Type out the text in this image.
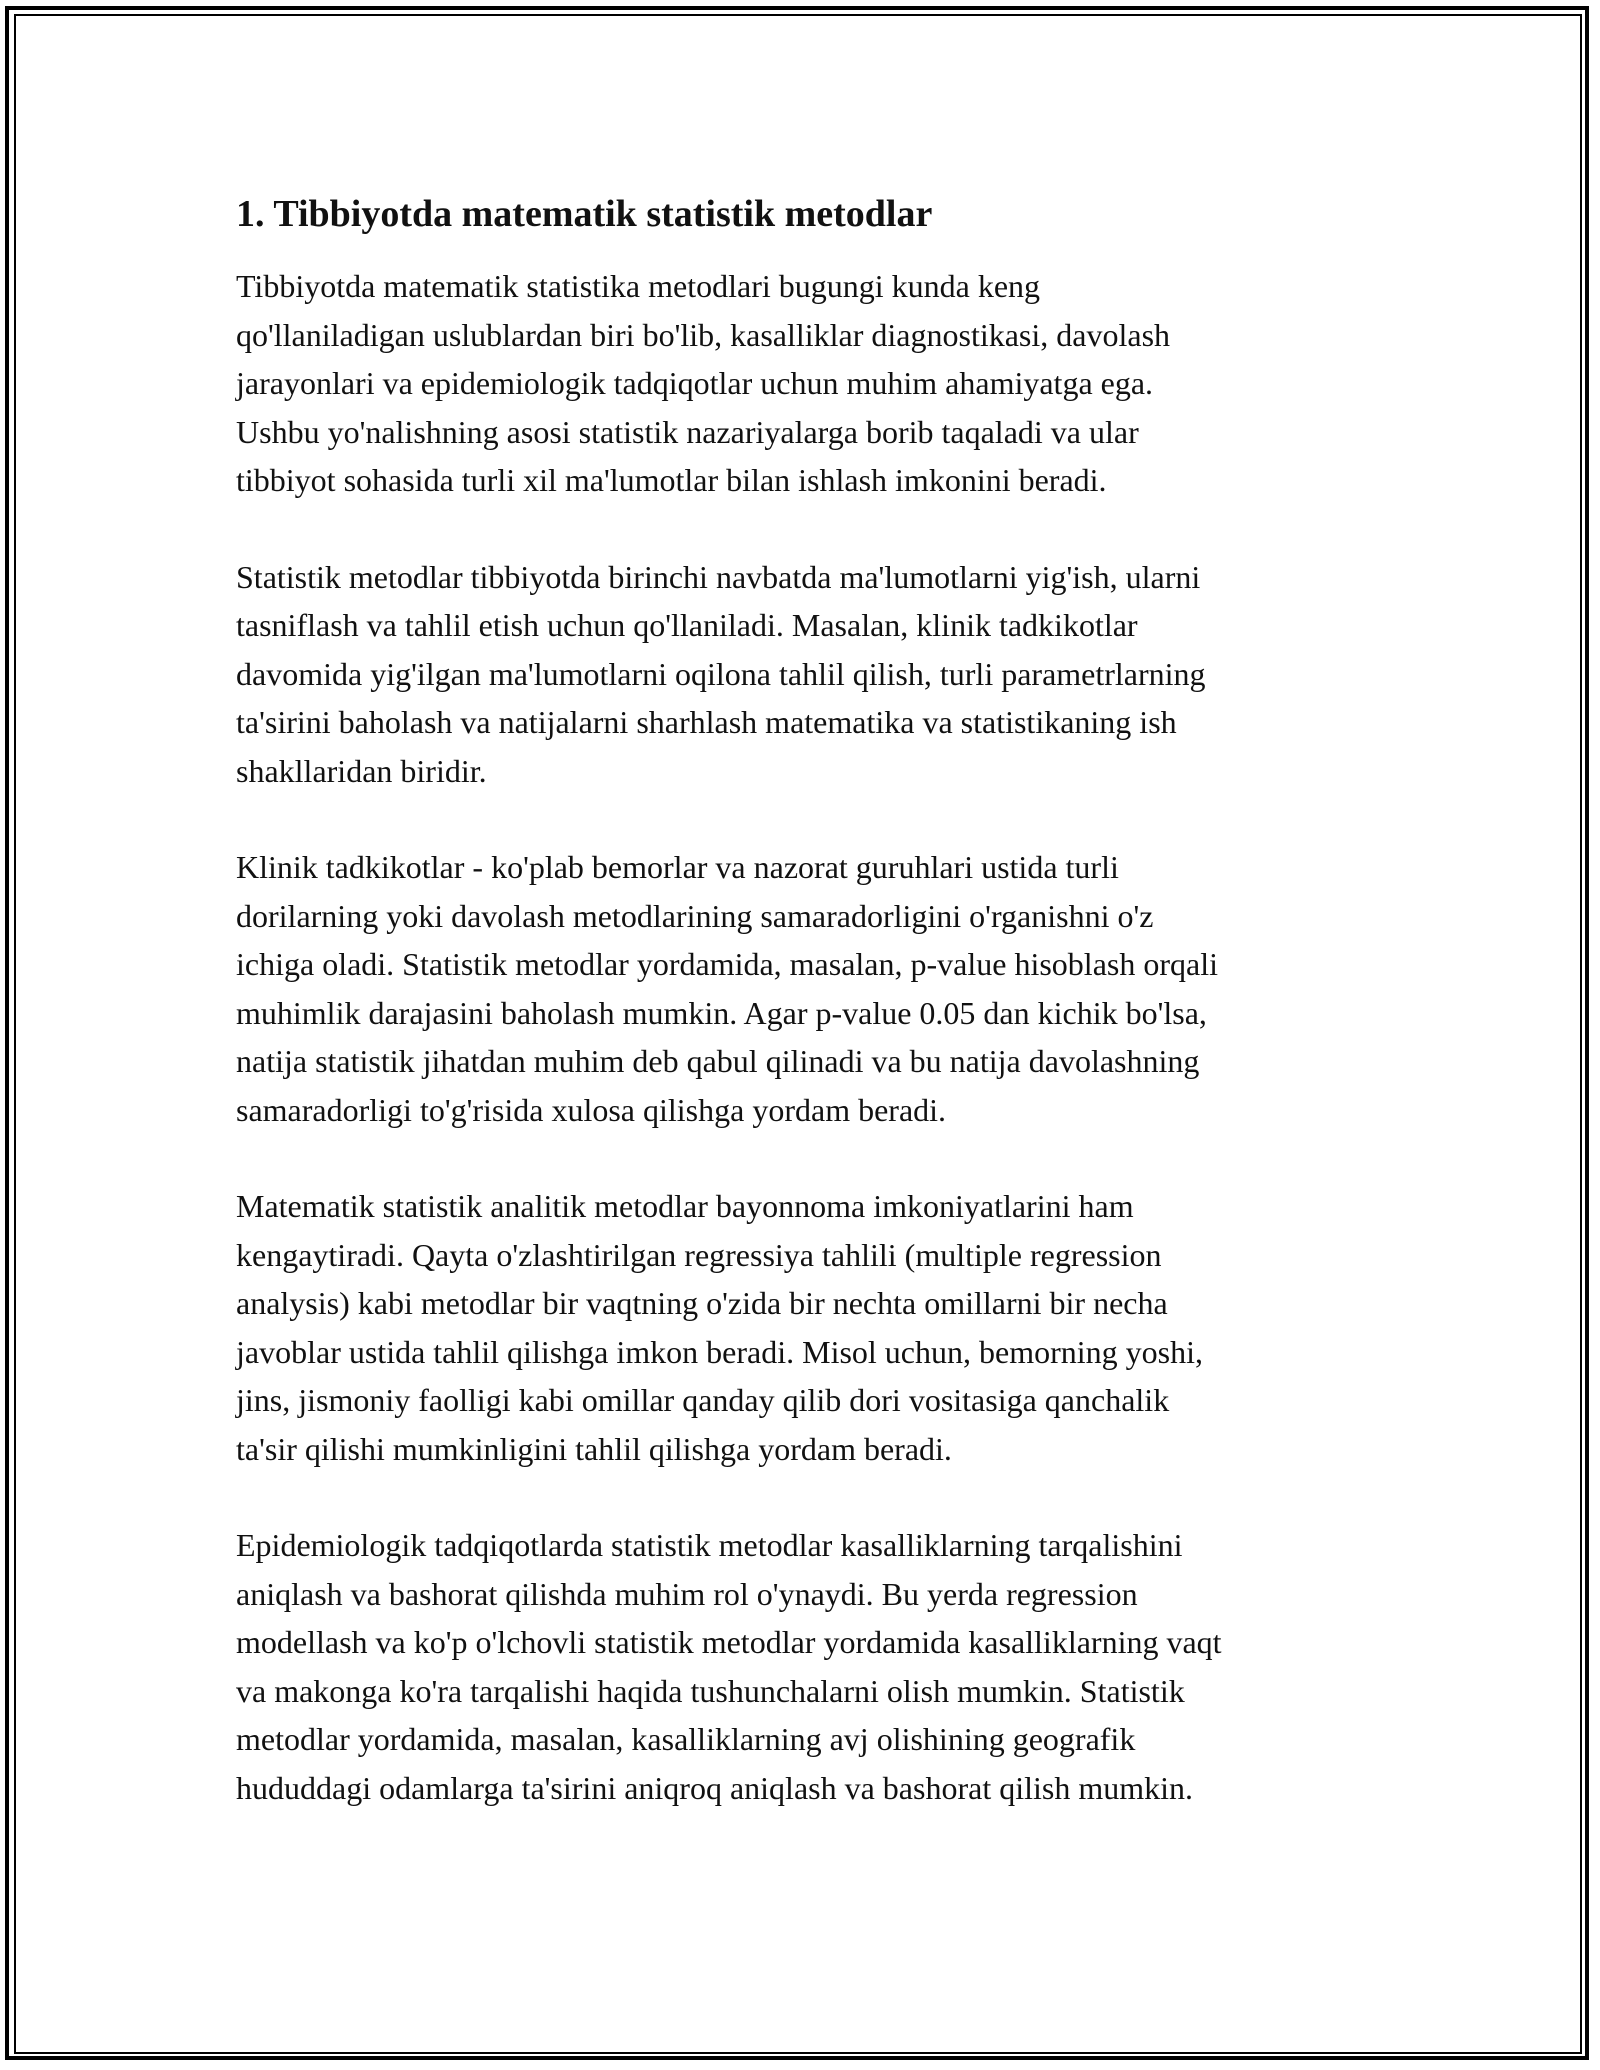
1. Tibbiyotda matematik statistik metodlar

Tibbiyotda matematik statistika metodlari bugungi kunda keng
qo'llaniladigan uslublardan biri bo'lib, kasalliklar diagnostikasi, davolash
jarayonlari va epidemiologik tadqiqotlar uchun muhim ahamiyatga ega.
Ushbu yo'nalishning asosi statistik nazariyalarga borib taqaladi va ular
tibbiyot sohasida turli xil ma'lumotlar bilan ishlash imkonini beradi.

Statistik metodlar tibbiyotda birinchi navbatda ma'lumotlarni yig'ish, ularni
tasniflash va tahlil etish uchun qo'llaniladi. Masalan, klinik tadkikotlar
davomida yig'ilgan ma'lumotlarni oqilona tahlil qilish, turli parametrlarning
ta'sirini baholash va natijalarni sharhlash matematika va statistikaning ish
shakllaridan biridir.

Klinik tadkikotlar - ko'plab bemorlar va nazorat guruhlari ustida turli
dorilarning yoki davolash metodlarining samaradorligini o'rganishni o'z
ichiga oladi. Statistik metodlar yordamida, masalan, p-value hisoblash orqali
muhimlik darajasini baholash mumkin. Agar p-value 0.05 dan kichik bo'lsa,
natija statistik jihatdan muhim deb qabul qilinadi va bu natija davolashning
samaradorligi to'g'risida xulosa qilishga yordam beradi.

Matematik statistik analitik metodlar bayonnoma imkoniyatlarini ham
kengaytiradi. Qayta o'zlashtirilgan regressiya tahlili (multiple regression
analysis) kabi metodlar bir vaqtning o'zida bir nechta omillarni bir necha
javoblar ustida tahlil qilishga imkon beradi. Misol uchun, bemorning yoshi,
jins, jismoniy faolligi kabi omillar qanday qilib dori vositasiga qanchalik
ta'sir qilishi mumkinligini tahlil qilishga yordam beradi.

Epidemiologik tadqiqotlarda statistik metodlar kasalliklarning tarqalishini
aniqlash va bashorat qilishda muhim rol o'ynaydi. Bu yerda regression
modellash va ko'p o'lchovli statistik metodlar yordamida kasalliklarning vaqt
va makonga ko'ra tarqalishi haqida tushunchalarni olish mumkin. Statistik
metodlar yordamida, masalan, kasalliklarning avj olishining geografik
hududdagi odamlarga ta'sirini aniqroq aniqlash va bashorat qilish mumkin.
